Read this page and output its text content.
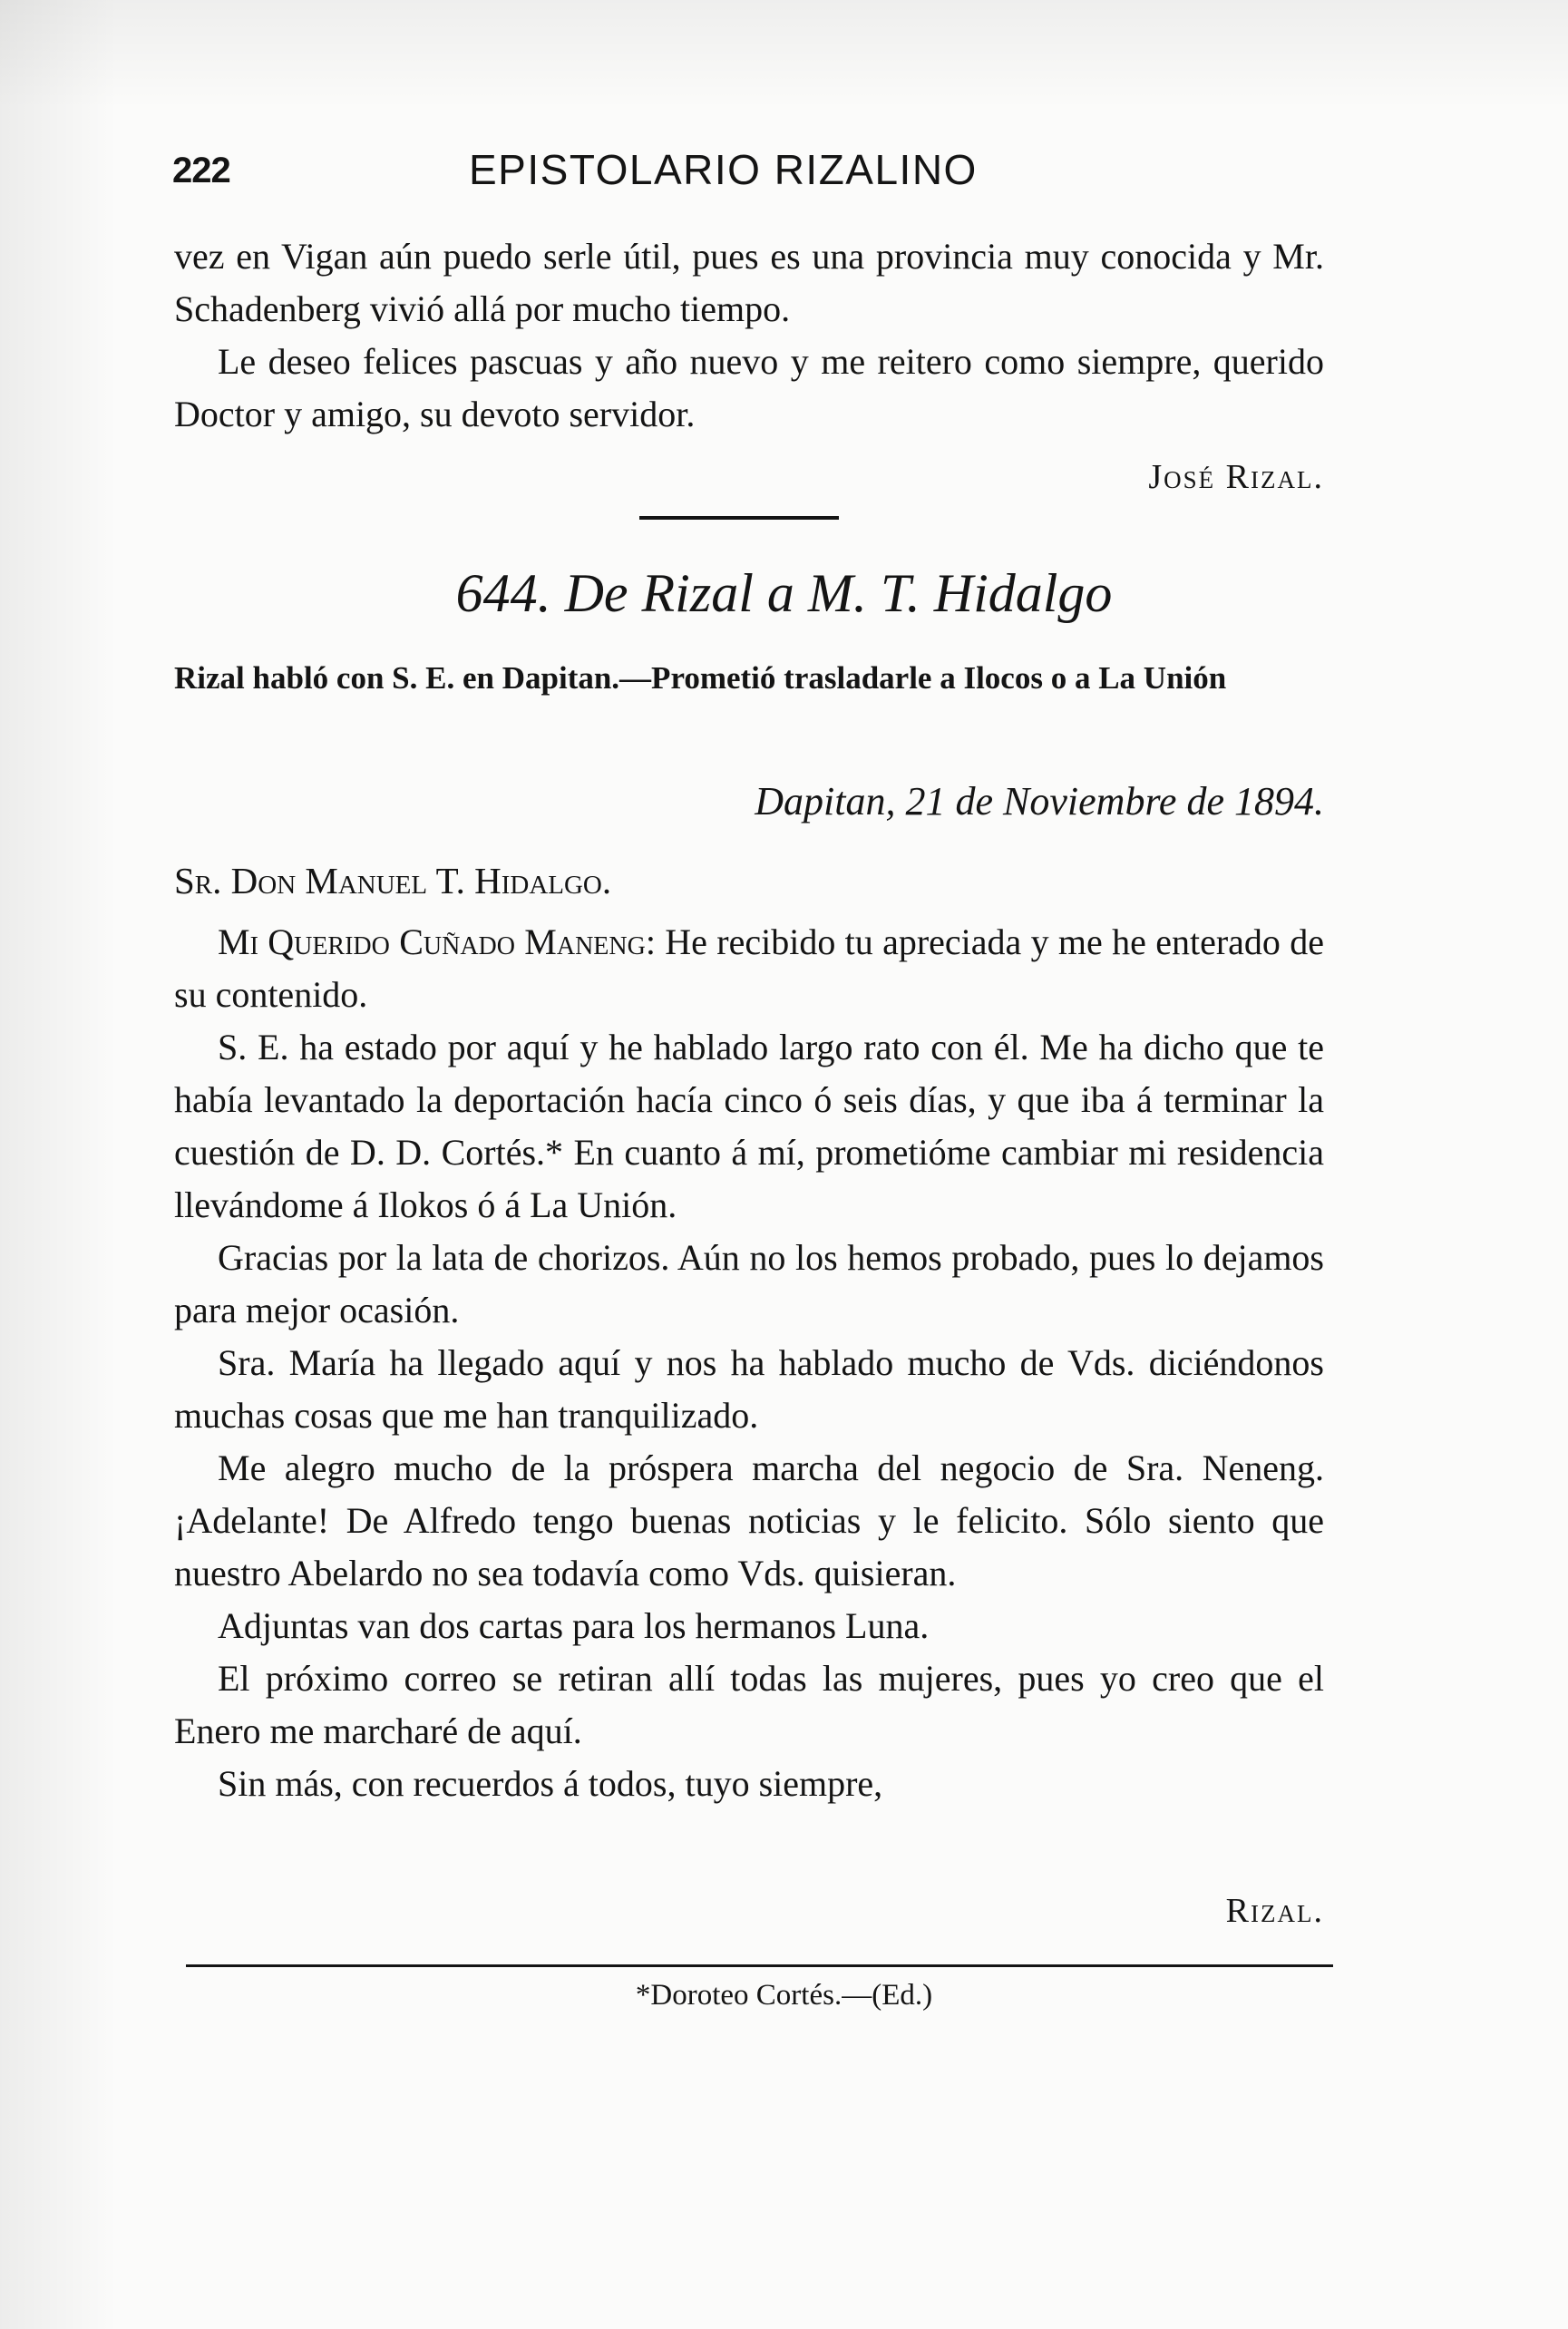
222	EPISTOLARIO RIZALINO

vez en Vigan aún puedo serle útil, pues es una provincia muy conocida y Mr. Schadenberg vivió allá por mucho tiempo.

Le deseo felices pascuas y año nuevo y me reitero como siempre, querido Doctor y amigo, su devoto servidor.

José Rizal.
644. De Rizal a M. T. Hidalgo

Rizal habló con S. E. en Dapitan.—Prometió trasladarle a Ilocos o a La Unión

Dapitan, 21 de Noviembre de 1894.
Sr. Don Manuel T. Hidalgo.

Mi Querido Cuñado Maneng: He recibido tu apreciada y me he enterado de su contenido.

S. E. ha estado por aquí y he hablado largo rato con él. Me ha dicho que te había levantado la deportación hacía cinco ó seis días, y que iba á terminar la cuestión de D. D. Cortés.* En cuanto á mí, prometióme cambiar mi residencia llevándome á Ilokos ó á La Unión.

Gracias por la lata de chorizos. Aún no los hemos probado, pues lo dejamos para mejor ocasión.

Sra. María ha llegado aquí y nos ha hablado mucho de Vds. diciéndonos muchas cosas que me han tranquilizado.

Me alegro mucho de la próspera marcha del negocio de Sra. Neneng. ¡Adelante! De Alfredo tengo buenas noticias y le felicito. Sólo siento que nuestro Abelardo no sea todavía como Vds. quisieran.

Adjuntas van dos cartas para los hermanos Luna.

El próximo correo se retiran allí todas las mujeres, pues yo creo que el Enero me marcharé de aquí.

Sin más, con recuerdos á todos, tuyo siempre,

Rizal.
*Doroteo Cortés.—(Ed.)
